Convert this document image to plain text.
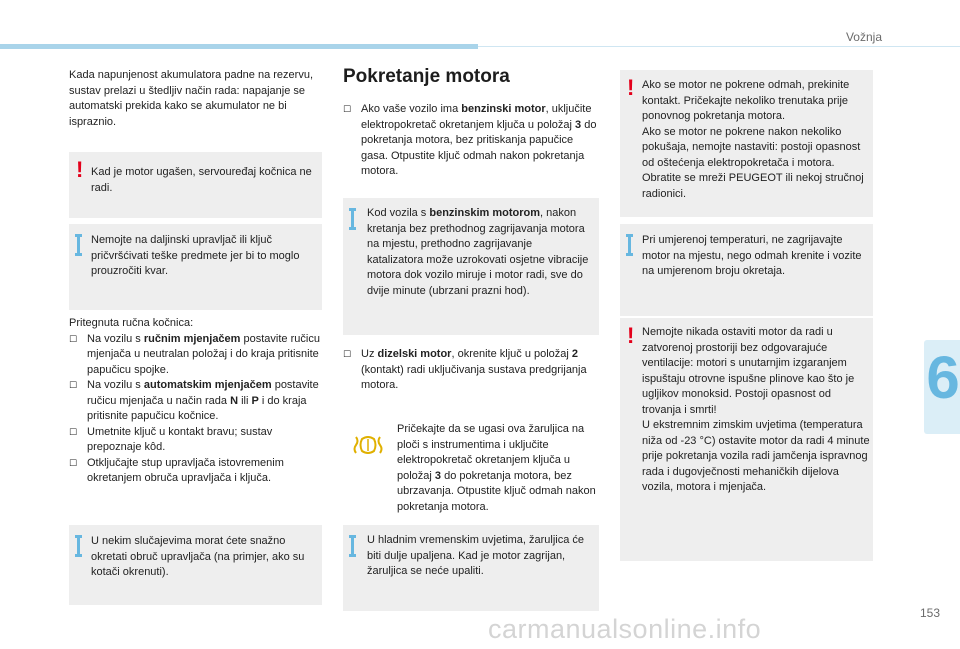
Vožnja
Kada napunjenost akumulatora padne na rezervu, sustav prelazi u štedljiv način rada: napajanje se automatski prekida kako se akumulator ne bi ispraznio.
! Kad je motor ugašen, servouređaj kočnica ne radi.
Nemojte na daljinski upravljač ili ključ pričvršćivati teške predmete jer bi to moglo prouzročiti kvar.
Pritegnuta ručna kočnica:
☐ Na vozilu s ručnim mjenjačem postavite ručicu mjenjača u neutralan položaj i do kraja pritisnite papučicu spojke.
☐ Na vozilu s automatskim mjenjačem postavite ručicu mjenjača u način rada N ili P i do kraja pritisnite papučicu kočnice.
☐ Umetnite ključ u kontakt bravu; sustav prepoznaje kôd.
☐ Otključajte stup upravljača istovremenim okretanjem obruča upravljača i ključa.
U nekim slučajevima morat ćete snažno okretati obruč upravljača (na primjer, ako su kotači okrenuti).
Pokretanje motora
☐ Ako vaše vozilo ima benzinski motor, uključite elektropokretač okretanjem ključa u položaj 3 do pokretanja motora, bez pritiskanja papučice gasa. Otpustite ključ odmah nakon pokretanja motora.
Kod vozila s benzinskim motorom, nakon kretanja bez prethodnog zagrijavanja motora na mjestu, prethodno zagrijavanje katalizatora može uzrokovati osjetne vibracije motora dok vozilo miruje i motor radi, sve do dvije minute (ubrzani prazni hod).
☐ Uz dizelski motor, okrenite ključ u položaj 2 (kontakt) radi uključivanja sustava predgrijanja motora.
Pričekajte da se ugasi ova žaruljica na ploči s instrumentima i uključite elektropokretač okretanjem ključa u položaj 3 do pokretanja motora, bez ubrzavanja. Otpustite ključ odmah nakon pokretanja motora.
U hladnim vremenskim uvjetima, žaruljica će biti dulje upaljena. Kad je motor zagrijan, žaruljica se neće upaliti.
! Ako se motor ne pokrene odmah, prekinite kontakt. Pričekajte nekoliko trenutaka prije ponovnog pokretanja motora.
Ako se motor ne pokrene nakon nekoliko pokušaja, nemojte nastaviti: postoji opasnost od oštećenja elektropokretača i motora. Obratite se mreži PEUGEOT ili nekoj stručnoj radionici.
Pri umjerenoj temperaturi, ne zagrijavajte motor na mjestu, nego odmah krenite i vozite na umjerenom broju okretaja.
! Nemojte nikada ostaviti motor da radi u zatvorenoj prostoriji bez odgovarajuće ventilacije: motori s unutarnjim izgaranjem ispuštaju otrovne ispušne plinove kao što je ugljikov monoksid. Postoji opasnost od trovanja i smrti!
U ekstremnim zimskim uvjetima (temperatura niža od -23 °C) ostavite motor da radi 4 minute prije pokretanja vozila radi jamčenja ispravnog rada i dugovječnosti mehaničkih dijelova vozila, motora i mjenjača.
6
153
carmanualsonline.info
